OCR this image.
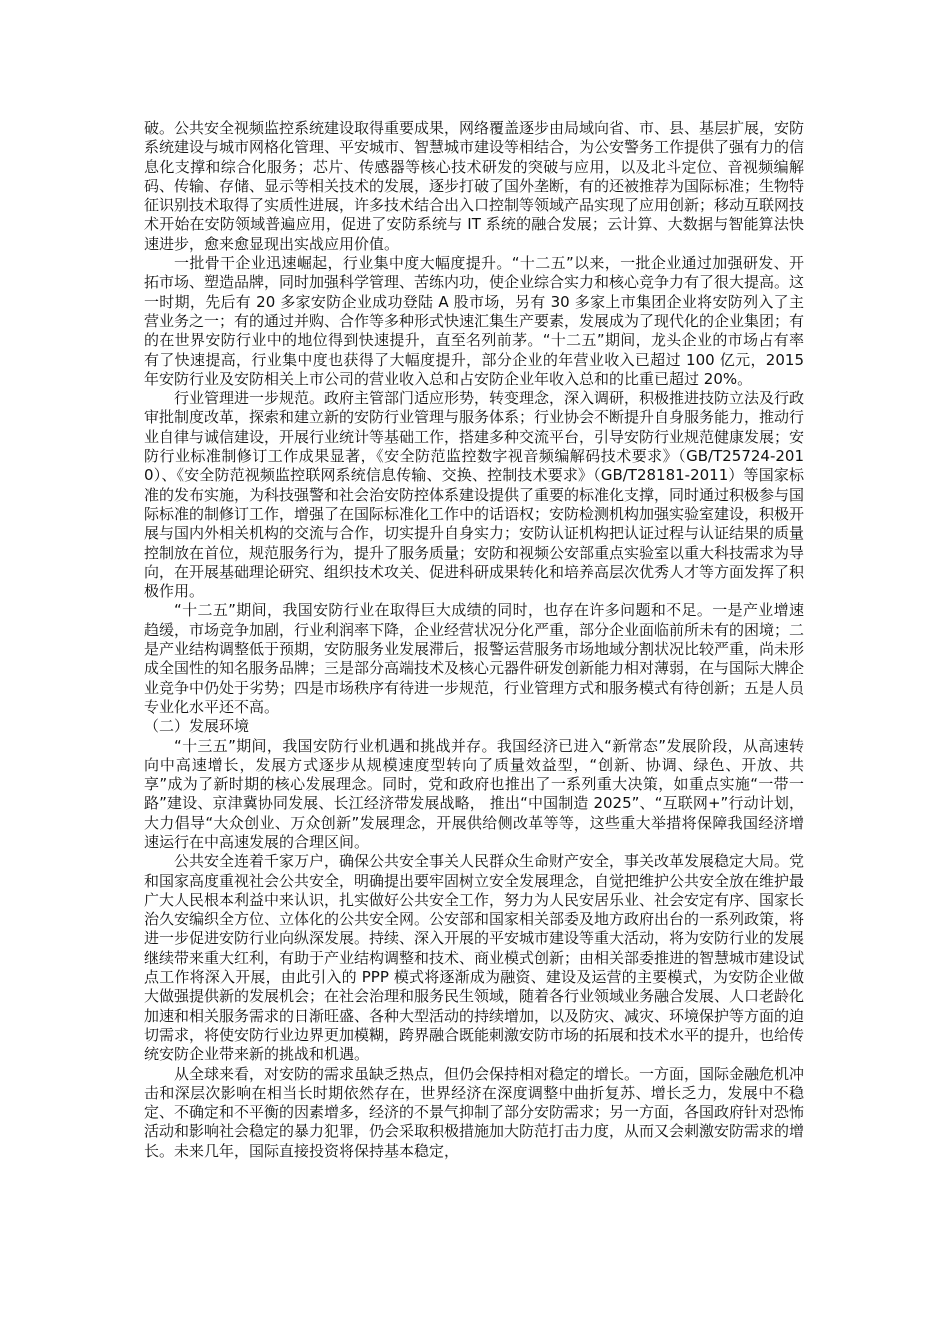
破。公共安全视频监控系统建设取得重要成果，网络覆盖逐步由局域向省、市、县、基层扩展，安防系统建设与城市网格化管理、平安城市、智慧城市建设等相结合，为公安警务工作提供了强有力的信息化支撑和综合化服务；芯片、传感器等核心技术研发的突破与应用，以及北斗定位、音视频编解码、传输、存储、显示等相关技术的发展，逐步打破了国外垄断，有的还被推荐为国际标准；生物特征识别技术取得了实质性进展，许多技术结合出入口控制等领域产品实现了应用创新；移动互联网技术开始在安防领域普遍应用，促进了安防系统与 IT 系统的融合发展；云计算、大数据与智能算法快速进步，愈来愈显现出实战应用价值。

一批骨干企业迅速崛起，行业集中度大幅度提升。“十二五”以来，一批企业通过加强研发、开拓市场、塑造品牌，同时加强科学管理、苦练内功，使企业综合实力和核心竞争力有了很大提高。这一时期，先后有 20 多家安防企业成功登陆 A 股市场，另有 30 多家上市集团企业将安防列入了主营业务之一；有的通过并购、合作等多种形式快速汇集生产要素，发展成为了现代化的企业集团；有的在世界安防行业中的地位得到快速提升，直至名列前茅。“十二五”期间，龙头企业的市场占有率有了快速提高，行业集中度也获得了大幅度提升，部分企业的年营业收入已超过 100 亿元，2015 年安防行业及安防相关上市公司的营业收入总和占安防企业年收入总和的比重已超过 20%。

行业管理进一步规范。政府主管部门适应形势，转变理念，深入调研，积极推进技防立法及行政审批制度改革，探索和建立新的安防行业管理与服务体系；行业协会不断提升自身服务能力，推动行业自律与诚信建设，开展行业统计等基础工作，搭建多种交流平台，引导安防行业规范健康发展；安防行业标准制修订工作成果显著，《安全防范监控数字视音频编解码技术要求》（GB/T25724-2010）、《安全防范视频监控联网系统信息传输、交换、控制技术要求》（GB/T28181-2011）等国家标准的发布实施，为科技强警和社会治安防控体系建设提供了重要的标准化支撑，同时通过积极参与国际标准的制修订工作，增强了在国际标准化工作中的话语权；安防检测机构加强实验室建设，积极开展与国内外相关机构的交流与合作，切实提升自身实力；安防认证机构把认证过程与认证结果的质量控制放在首位，规范服务行为，提升了服务质量；安防和视频公安部重点实验室以重大科技需求为导向，在开展基础理论研究、组织技术攻关、促进科研成果转化和培养高层次优秀人才等方面发挥了积极作用。

“十二五”期间，我国安防行业在取得巨大成绩的同时，也存在许多问题和不足。一是产业增速趋缓，市场竞争加剧，行业利润率下降，企业经营状况分化严重，部分企业面临前所未有的困境；二是产业结构调整低于预期，安防服务业发展滞后，报警运营服务市场地域分割状况比较严重，尚未形成全国性的知名服务品牌；三是部分高端技术及核心元器件研发创新能力相对薄弱，在与国际大牌企业竞争中仍处于劣势；四是市场秩序有待进一步规范，行业管理方式和服务模式有待创新；五是人员专业化水平还不高。

（二）发展环境

“十三五”期间，我国安防行业机遇和挑战并存。我国经济已进入“新常态”发展阶段，从高速转向中高速增长，发展方式逐步从规模速度型转向了质量效益型，“创新、协调、绿色、开放、共享”成为了新时期的核心发展理念。同时，党和政府也推出了一系列重大决策，如重点实施“一带一路”建设、京津冀协同发展、长江经济带发展战略， 推出“中国制造 2025”、“互联网+”行动计划，大力倡导“大众创业、万众创新”发展理念，开展供给侧改革等等，这些重大举措将保障我国经济增速运行在中高速发展的合理区间。

公共安全连着千家万户，确保公共安全事关人民群众生命财产安全，事关改革发展稳定大局。党和国家高度重视社会公共安全，明确提出要牢固树立安全发展理念，自觉把维护公共安全放在维护最广大人民根本利益中来认识，扎实做好公共安全工作，努力为人民安居乐业、社会安定有序、国家长治久安编织全方位、立体化的公共安全网。公安部和国家相关部委及地方政府出台的一系列政策，将进一步促进安防行业向纵深发展。持续、深入开展的平安城市建设等重大活动，将为安防行业的发展继续带来重大红利，有助于产业结构调整和技术、商业模式创新；由相关部委推进的智慧城市建设试点工作将深入开展，由此引入的 PPP 模式将逐渐成为融资、建设及运营的主要模式，为安防企业做大做强提供新的发展机会；在社会治理和服务民生领域，随着各行业领域业务融合发展、人口老龄化加速和相关服务需求的日渐旺盛、各种大型活动的持续增加，以及防灾、减灾、环境保护等方面的迫切需求，将使安防行业边界更加模糊，跨界融合既能刺激安防市场的拓展和技术水平的提升，也给传统安防企业带来新的挑战和机遇。

从全球来看，对安防的需求虽缺乏热点，但仍会保持相对稳定的增长。一方面，国际金融危机冲击和深层次影响在相当长时期依然存在，世界经济在深度调整中曲折复苏、增长乏力，发展中不稳定、不确定和不平衡的因素增多，经济的不景气抑制了部分安防需求；另一方面，各国政府针对恐怖活动和影响社会稳定的暴力犯罪，仍会采取积极措施加大防范打击力度，从而又会刺激安防需求的增长。未来几年，国际直接投资将保持基本稳定，
